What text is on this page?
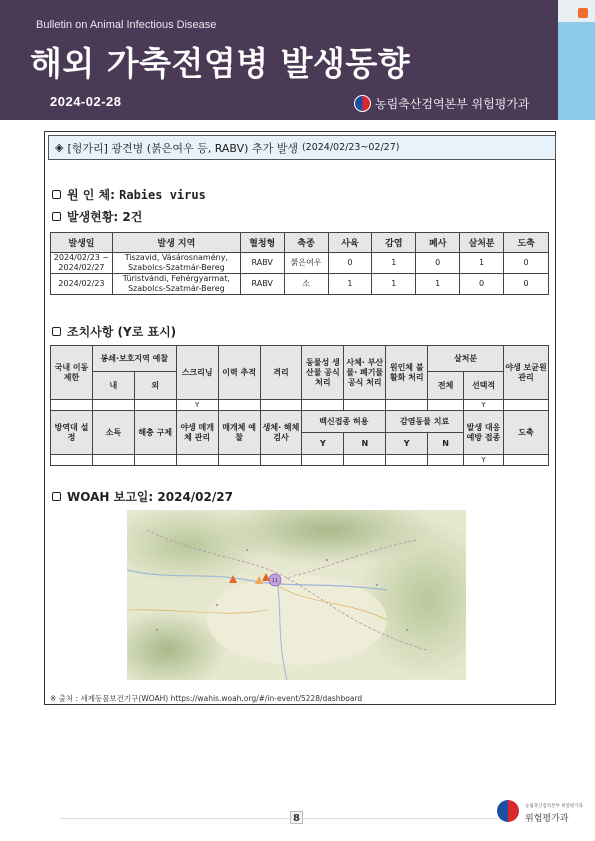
Bulletin on Animal Infectious Disease
해외 가축전염병 발생동향
2024-02-28	농림축산검역본부 위험평가과
◈ [헝가리] 광견병 (붉은여우 등, RABV) 추가 발생 (2024/02/23~02/27)
원 인 체:
Rabies virus
발생현황:
2건
발생일	발생 지역	혈청형	축종	사육	감염	폐사	살처분	도축
2024/02/23 ~ 2024/02/27	Tiszavid, Vásárosnamény, Szabolcs-Szatmár-Bereg	RABV	붉은여우	0	1	0	1	0
2024/02/23	Túristvándi, Fehérgyarmat, Szabolcs-Szatmár-Bereg	RABV	소	1	1	1	0	0
조치사항 (Y로 표시)
국내 이동 제한	봉쇄·보호지역 예찰		스크리닝	이력 추적	격리	동물성 생산물 공식 처리	사체· 부산물· 폐기물 공식 처리	원인체 불활화 처리	살처분		야생 보균원 관리
	내	외							전체	선택적	
			Y							Y	
방역대 설정	소독	해충 구제	야생 매개체 관리	매개체 예찰	생체· 해체 검사	백신접종 허용		감염동물 치료		발생 대응 예방 접종	도축
						Y	N	Y	N		
										Y	
WOAH 보고일:
2024/02/27
11
※ 출처 : 세계동물보건기구(WOAH) https://wahis.woah.org/#/in-event/5228/dashboard
8
농림축산검역본부 위험평가과
위험평가과
